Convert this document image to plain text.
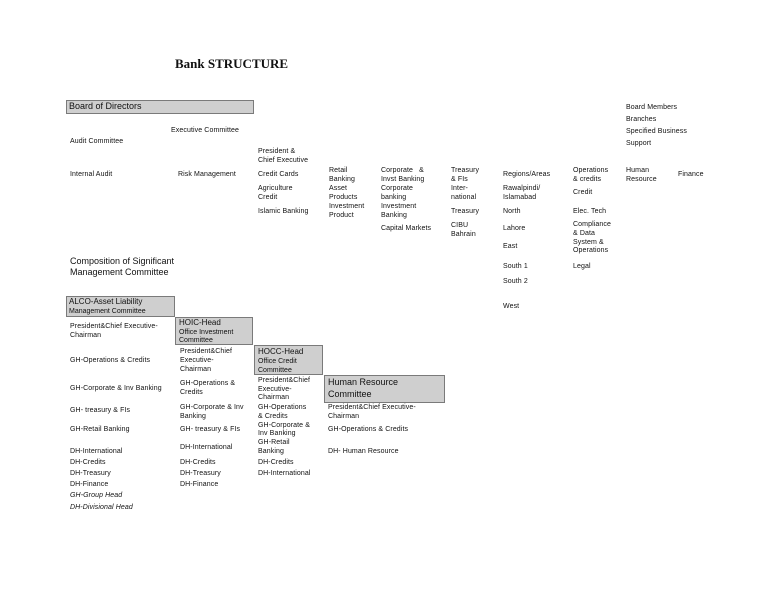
Bank STRUCTURE
Board of Directors	Board Members
Branches
Specified Business
Support
Executive Committee
Audit Committee
President &
Chief Executive
Internal Audit	Risk Management	Credit Cards
Agriculture
Credit
Islamic Banking
Retail
Banking
Asset
Products
Investment
Product
Corporate   &
Invst Banking
Corporate
banking
Investment
Banking
Capital Markets
Treasury
& FIs
Inter-
national
Treasury
CIBU
Bahrain
Regions/Areas
Rawalpindi/
Islamabad
North
Lahore
East
South 1
South 2
West
Operations
& credits
Credit
Elec. Tech
Compliance
& Data
System &
Operations
Legal
Human
Resource
Finance
Composition of Significant
Management Committee
ALCO-Asset Liability
Management Committee
President&Chief Executive-
Chairman
GH-Operations & Credits
GH-Corporate & Inv Banking
GH- treasury & FIs
GH-Retail Banking
DH-International
DH-Credits
DH-Treasury
DH-Finance
GH-Group Head
DH-Divisional Head
HOIC-Head
Office Investment
Committee
President&Chief
Executive-
Chairman
GH-Operations &
Credits
GH-Corporate & Inv
Banking
GH- treasury & FIs
DH-International
DH-Credits
DH-Treasury
DH-Finance
HOCC-Head
Office Credit
Committee
President&Chief
Executive-
Chairman
GH-Operations
& Credits
GH-Corporate &
Inv Banking
GH-Retail
Banking
DH-Credits
DH-International
Human Resource
Committee
President&Chief Executive-
Chairman
GH-Operations & Credits
DH- Human Resource
